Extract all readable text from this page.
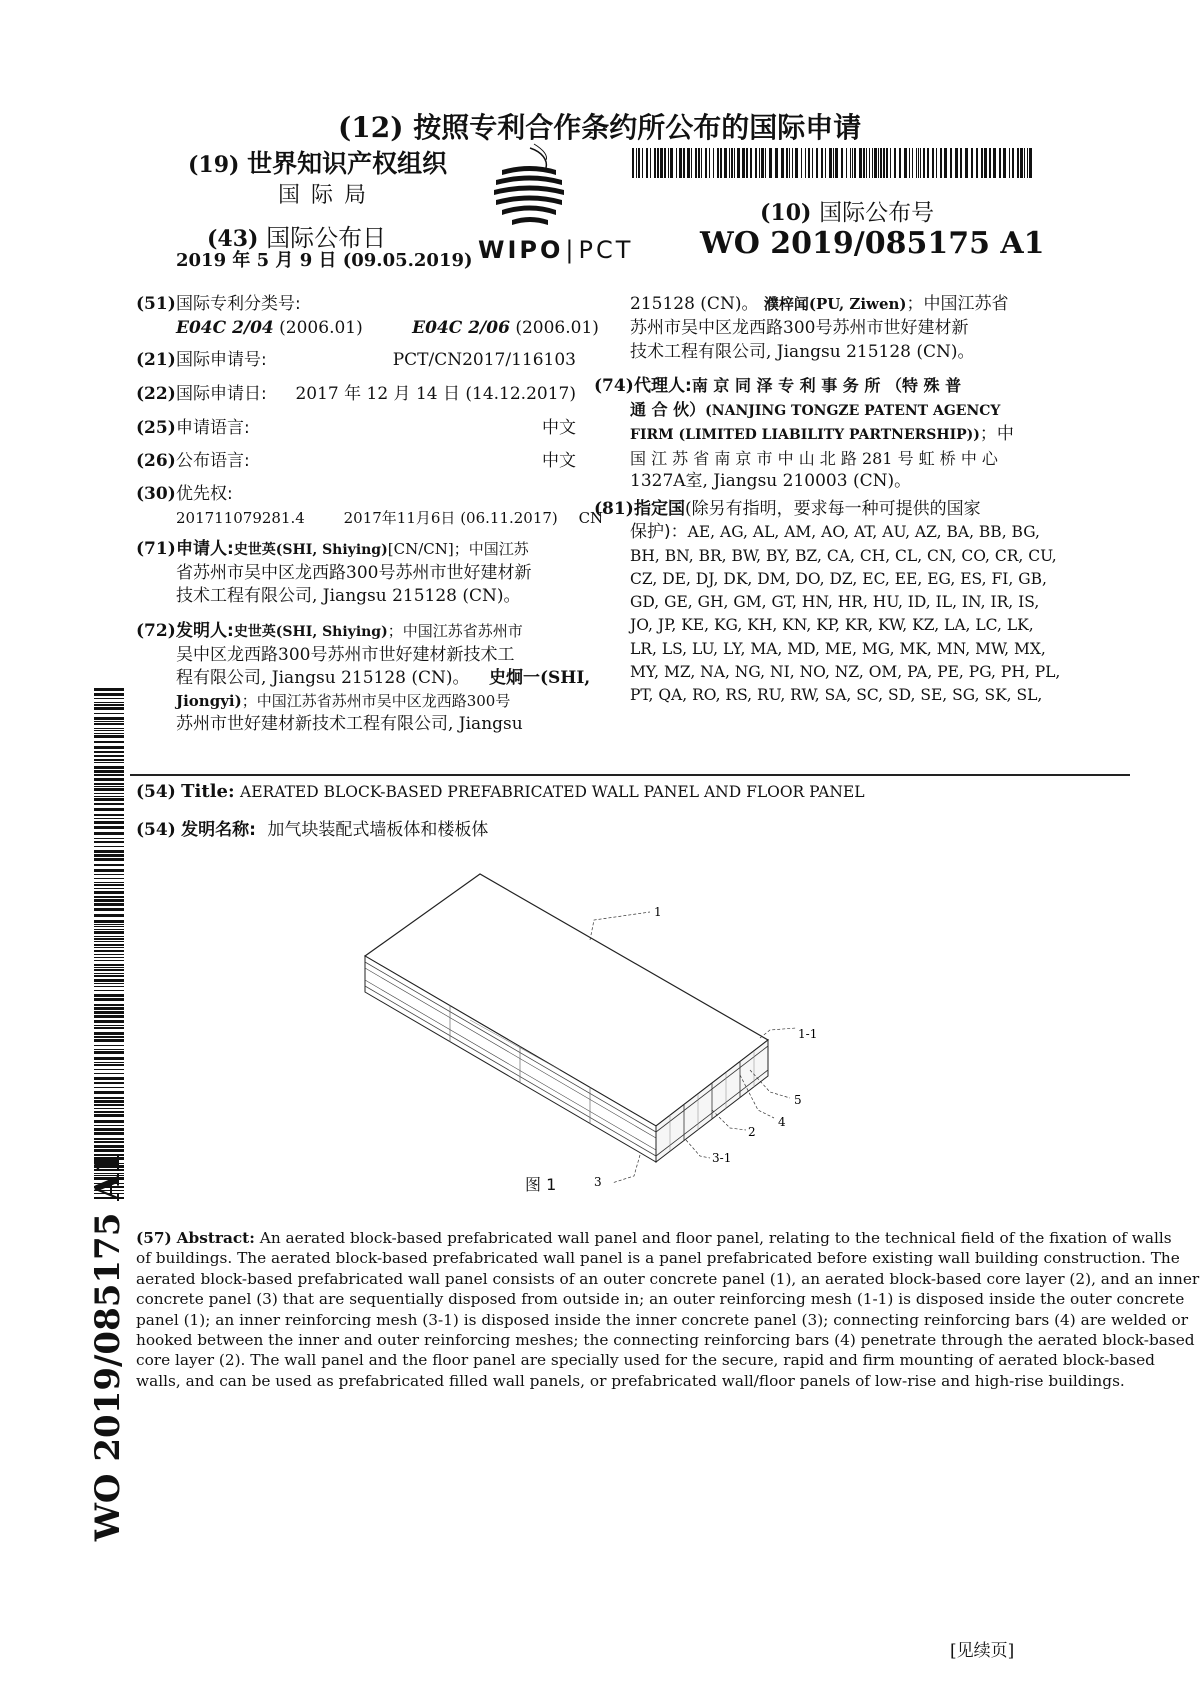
(12) 按照专利合作条约所公布的国际申请
(19) 世界知识产权组织
国 际 局
(43) 国际公布日
2019 年 5 月 9 日 (09.05.2019) WIPO|PCT
(10) 国际公布号
WO 2019/085175 A1
(51)国际专利分类号:
E04C 2/04 (2006.01)	E04C 2/06 (2006.01)
(21)国际申请号:	PCT/CN2017/116103
(22)国际申请日: 2017 年 12 月 14 日 (14.12.2017)
(25)申请语言:	中文
(26)公布语言:	中文
(30)优先权:
201711079281.4	2017年11月6日 (06.11.2017) CN
(71)申请人:史世英(SHI, Shiying)[CN/CN]；中国江苏
省苏州市吴中区龙西路300号苏州市世好建材新
技术工程有限公司, Jiangsu 215128 (CN)。
(72)发明人:史世英(SHI, Shiying)；中国江苏省苏州市
吴中区龙西路300号苏州市世好建材新技术工
程有限公司, Jiangsu 215128 (CN)。 史炯一(SHI,
Jiongyi)；中国江苏省苏州市吴中区龙西路300号
苏州市世好建材新技术工程有限公司, Jiangsu
215128 (CN)。 濮梓闻(PU, Ziwen)；中国江苏省
苏州市吴中区龙西路300号苏州市世好建材新
技术工程有限公司, Jiangsu 215128 (CN)。
(74)代理人:南 京 同 泽 专 利 事 务 所 （特 殊 普
通 合 伙）(NANJING TONGZE PATENT AGENCY
FIRM (LIMITED LIABILITY PARTNERSHIP))；中
国 江 苏 省 南 京 市 中 山 北 路 281 号 虹 桥 中 心
1327A室, Jiangsu 210003 (CN)。
(81)指定国(除另有指明，要求每一种可提供的国家
保护)：AE, AG, AL, AM, AO, AT, AU, AZ, BA, BB, BG,
BH, BN, BR, BW, BY, BZ, CA, CH, CL, CN, CO, CR, CU,
CZ, DE, DJ, DK, DM, DO, DZ, EC, EE, EG, ES, FI, GB,
GD, GE, GH, GM, GT, HN, HR, HU, ID, IL, IN, IR, IS,
JO, JP, KE, KG, KH, KN, KP, KR, KW, KZ, LA, LC, LK,
LR, LS, LU, LY, MA, MD, ME, MG, MK, MN, MW, MX,
MY, MZ, NA, NG, NI, NO, NZ, OM, PA, PE, PG, PH, PL,
PT, QA, RO, RS, RU, RW, SA, SC, SD, SE, SG, SK, SL,
(54) Title: AERATED BLOCK-BASED PREFABRICATED WALL PANEL AND FLOOR PANEL
(54) 发明名称: 加气块装配式墙板体和楼板体
1
1-1
5
4
2
3-1
3
图 1
(57) Abstract: An aerated block-based prefabricated wall panel and floor panel, relating to the technical field of the fixation of walls
of buildings. The aerated block-based prefabricated wall panel is a panel prefabricated before existing wall building construction. The
aerated block-based prefabricated wall panel consists of an outer concrete panel (1), an aerated block-based core layer (2), and an inner
concrete panel (3) that are sequentially disposed from outside in; an outer reinforcing mesh (1-1) is disposed inside the outer concrete
panel (1); an inner reinforcing mesh (3-1) is disposed inside the inner concrete panel (3); connecting reinforcing bars (4) are welded or
hooked between the inner and outer reinforcing meshes; the connecting reinforcing bars (4) penetrate through the aerated block-based
core layer (2). The wall panel and the floor panel are specially used for the secure, rapid and firm mounting of aerated block-based
walls, and can be used as prefabricated filled wall panels, or prefabricated wall/floor panels of low-rise and high-rise buildings.
WO 2019/085175 A1
[见续页]
